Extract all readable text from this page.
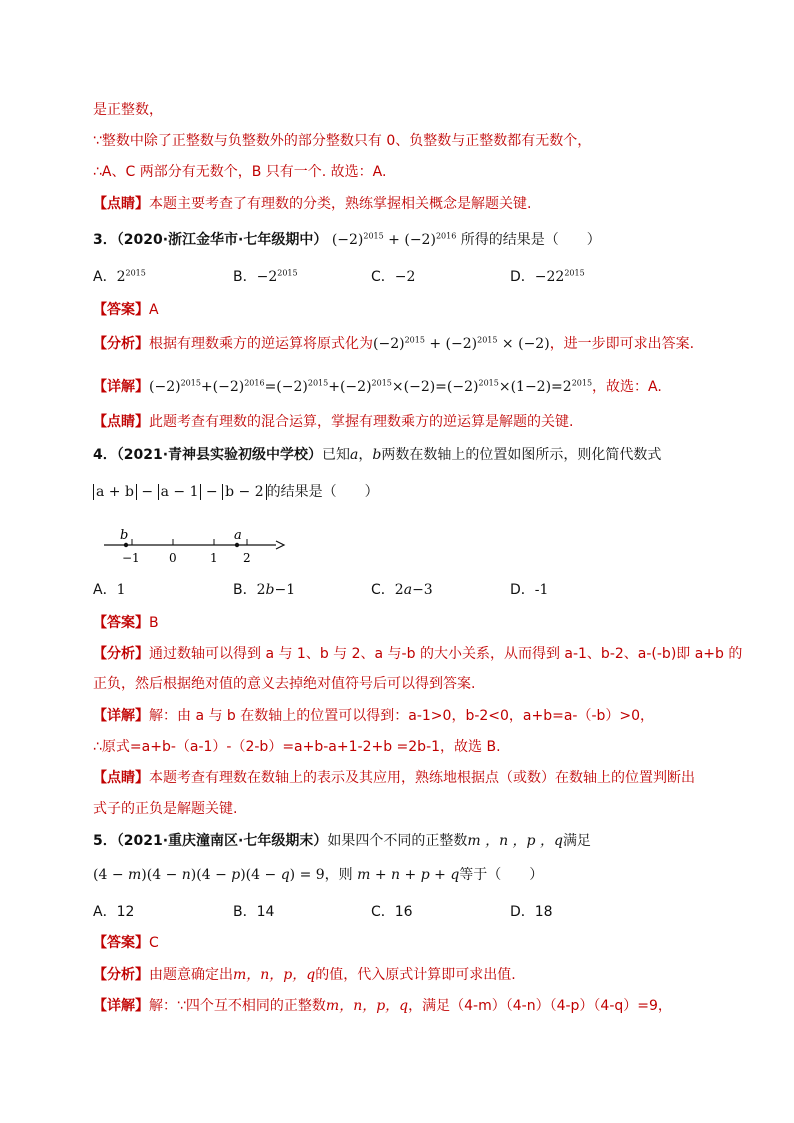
是正整数，
∵整数中除了正整数与负整数外的部分整数只有 0、负整数与正整数都有无数个，
∴A、C 两部分有无数个，B 只有一个. 故选：A.
【点睛】本题主要考查了有理数的分类，熟练掌握相关概念是解题关键.
3．（2020·浙江金华市·七年级期中） $(-2)^{2015} + (-2)^{2016}$ 所得的结果是（　　）
A．$2^{2015}$	B．$-2^{2015}$	C．−2	D．$-22^{2015}$
【答案】A
【分析】根据有理数乘方的逆运算将原式化为$(-2)^{2015} + (-2)^{2015} \times (-2)$，进一步即可求出答案.
【详解】$(-2)^{2015}+(-2)^{2016}=(-2)^{2015}+(-2)^{2015}\times(-2)=(-2)^{2015}\times(1-2)=2^{2015}$，故选：A.
【点睛】此题考查有理数的混合运算，掌握有理数乘方的逆运算是解题的关键.
4．（2021·青神县实验初级中学校）已知a，b两数在数轴上的位置如图所示，则化简代数式
a + b − a − 1 − b − 2 的结果是（　　）
b	a
−1 0	1 2
A．1	B．2b−1	C．2a−3	D．-1
【答案】B
【分析】通过数轴可以得到 a 与 1、b 与 2、a 与-b 的大小关系，从而得到 a-1、b-2、a-(-b)即 a+b 的
正负，然后根据绝对值的意义去掉绝对值符号后可以得到答案.
【详解】解：由 a 与 b 在数轴上的位置可以得到：a-1>0，b-2<0，a+b=a-（-b）>0，
∴原式=a+b-（a-1）-（2-b）=a+b-a+1-2+b =2b-1，故选 B.
【点睛】本题考查有理数在数轴上的表示及其应用，熟练地根据点（或数）在数轴上的位置判断出
式子的正负是解题关键.
5．（2021·重庆潼南区·七年级期末）如果四个不同的正整数m ，n ，p ，q满足
(4 − m)(4 − n)(4 − p)(4 − q) = 9，则 m + n + p + q等于（　　）
A．12	B．14	C．16	D．18
【答案】C
【分析】由题意确定出m，n，p，q的值，代入原式计算即可求出值.
【详解】解：∵四个互不相同的正整数m，n，p，q，满足（4-m）（4-n）（4-p）（4-q）=9，
